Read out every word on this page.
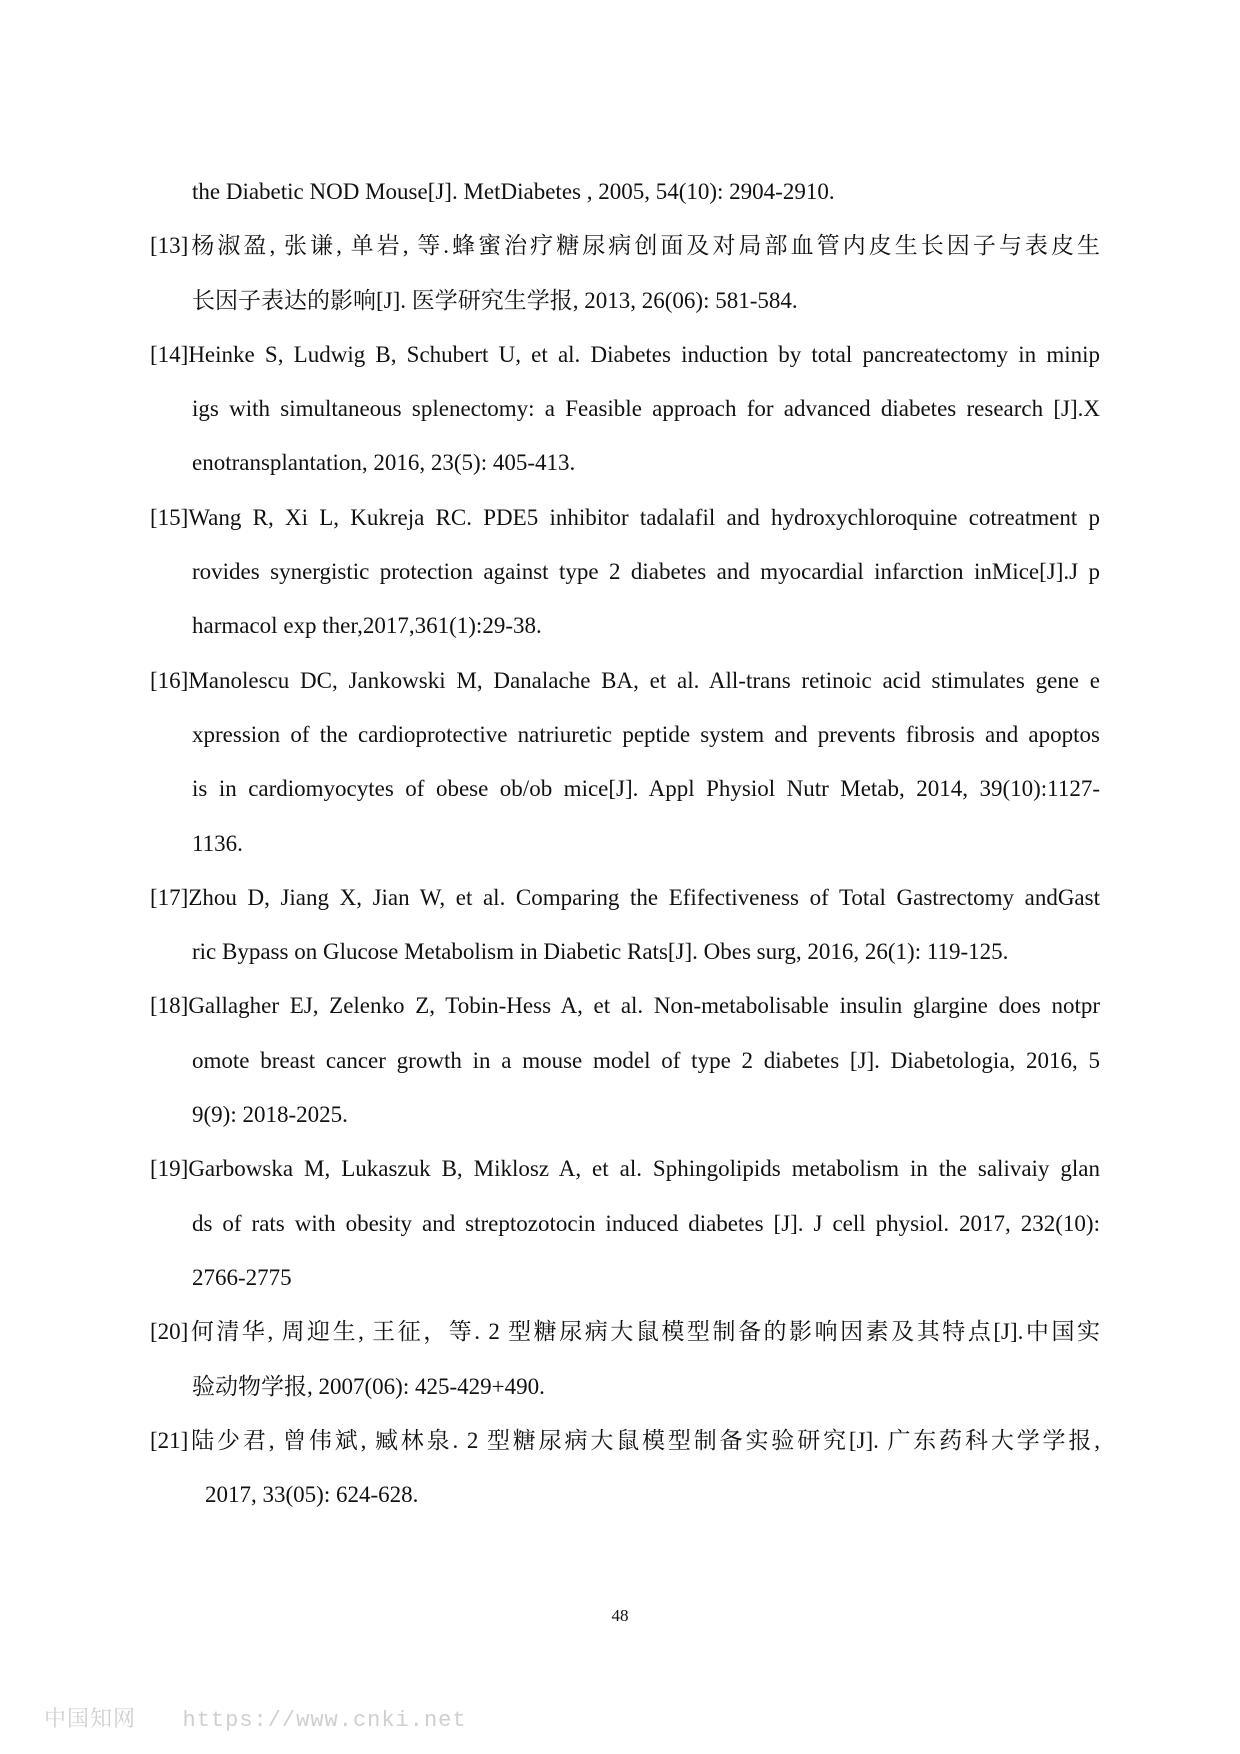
the Diabetic NOD Mouse[J]. MetDiabetes , 2005, 54(10): 2904-2910.
[13]杨淑盈, 张谦, 单岩, 等.蜂蜜治疗糖尿病创面及对局部血管内皮生长因子与表皮生
长因子表达的影响[J]. 医学研究生学报, 2013, 26(06): 581-584.
[14]Heinke S, Ludwig B, Schubert U, et al. Diabetes induction by total pancreatectomy in minip
igs with simultaneous splenectomy: a Feasible approach for advanced diabetes research [J].X
enotransplantation, 2016, 23(5): 405-413.
[15]Wang R, Xi L, Kukreja RC. PDE5 inhibitor tadalafil and hydroxychloroquine cotreatment p
rovides synergistic protection against type 2 diabetes and myocardial infarction inMice[J].J p
harmacol exp ther,2017,361(1):29-38.
[16]Manolescu DC, Jankowski M, Danalache BA, et al. All-trans retinoic acid stimulates gene e
xpression of the cardioprotective natriuretic peptide system and prevents fibrosis and apoptos
is in cardiomyocytes of obese ob/ob mice[J]. Appl Physiol Nutr Metab, 2014, 39(10):1127-
1136.
[17]Zhou D, Jiang X, Jian W, et al. Comparing the Efifectiveness of Total Gastrectomy andGast
ric Bypass on Glucose Metabolism in Diabetic Rats[J]. Obes surg, 2016, 26(1): 119-125.
[18]Gallagher EJ, Zelenko Z, Tobin-Hess A, et al. Non-metabolisable insulin glargine does notpr
omote breast cancer growth in a mouse model of type 2 diabetes [J]. Diabetologia, 2016, 5
9(9): 2018-2025.
[19]Garbowska M, Lukaszuk B, Miklosz A, et al. Sphingolipids metabolism in the salivaiy glan
ds of rats with obesity and streptozotocin induced diabetes [J]. J cell physiol. 2017, 232(10):
2766-2775
[20]何清华, 周迎生, 王征，等. 2 型糖尿病大鼠模型制备的影响因素及其特点[J].中国实
验动物学报, 2007(06): 425-429+490.
[21]陆少君, 曾伟斌, 臧林泉. 2 型糖尿病大鼠模型制备实验研究[J]. 广东药科大学学报,
2017, 33(05): 624-628.
48
中国知网 https://www.cnki.net
